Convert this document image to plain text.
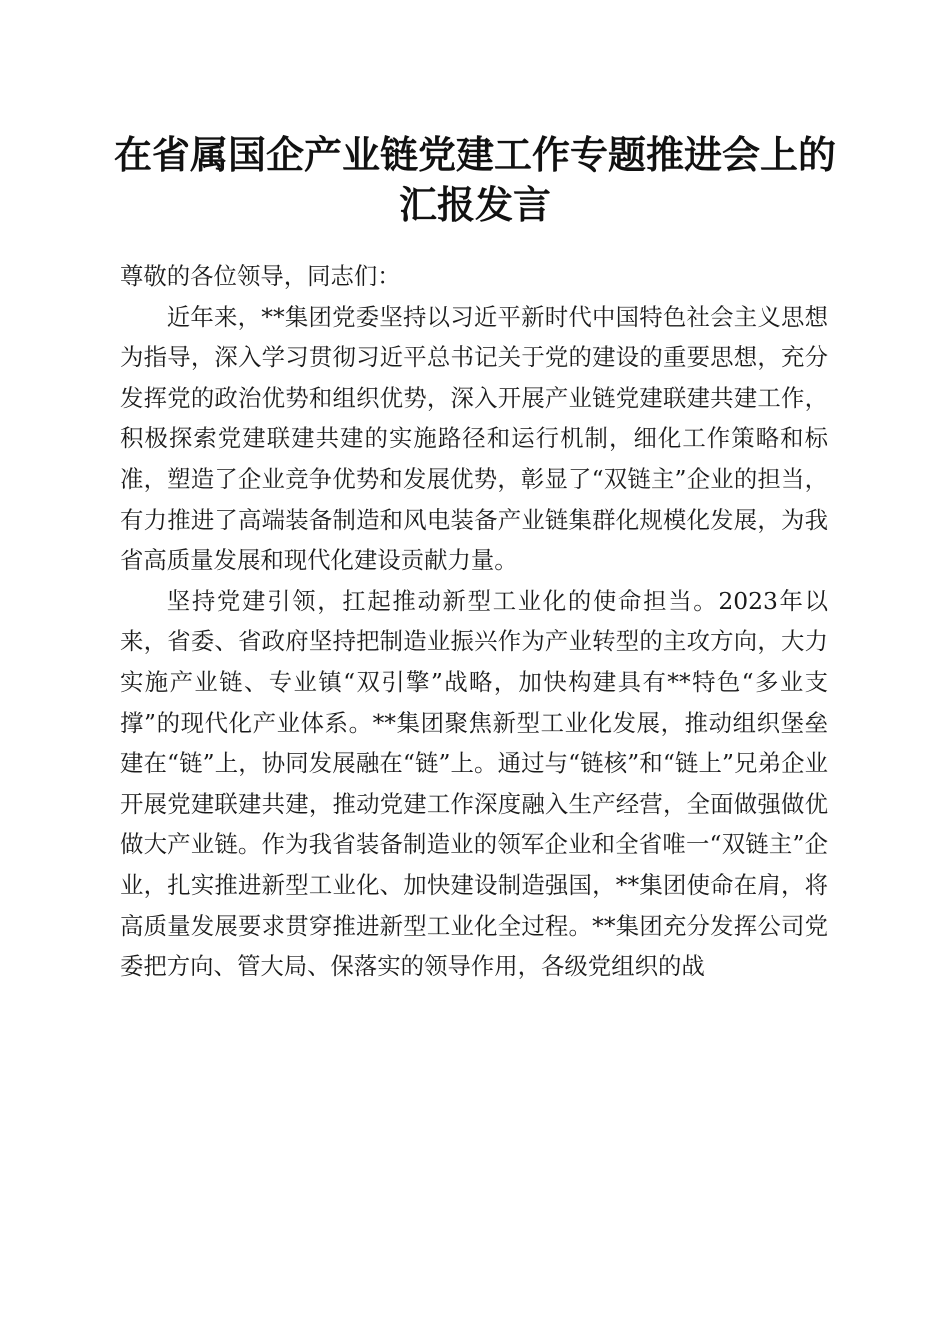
在省属国企产业链党建工作专题推进会上的汇报发言

尊敬的各位领导，同志们：

近年来，**集团党委坚持以习近平新时代中国特色社会主义思想为指导，深入学习贯彻习近平总书记关于党的建设的重要思想，充分发挥党的政治优势和组织优势，深入开展产业链党建联建共建工作，积极探索党建联建共建的实施路径和运行机制，细化工作策略和标准，塑造了企业竞争优势和发展优势，彰显了“双链主”企业的担当，有力推进了高端装备制造和风电装备产业链集群化规模化发展，为我省高质量发展和现代化建设贡献力量。

坚持党建引领，扛起推动新型工业化的使命担当。2023年以来，省委、省政府坚持把制造业振兴作为产业转型的主攻方向，大力实施产业链、专业镇“双引擎”战略，加快构建具有**特色“多业支撑”的现代化产业体系。**集团聚焦新型工业化发展，推动组织堡垒建在“链”上，协同发展融在“链”上。通过与“链核”和“链上”兄弟企业开展党建联建共建，推动党建工作深度融入生产经营，全面做强做优做大产业链。作为我省装备制造业的领军企业和全省唯一“双链主”企业，扎实推进新型工业化、加快建设制造强国，**集团使命在肩，将高质量发展要求贯穿推进新型工业化全过程。**集团充分发挥公司党委把方向、管大局、保落实的领导作用，各级党组织的战
